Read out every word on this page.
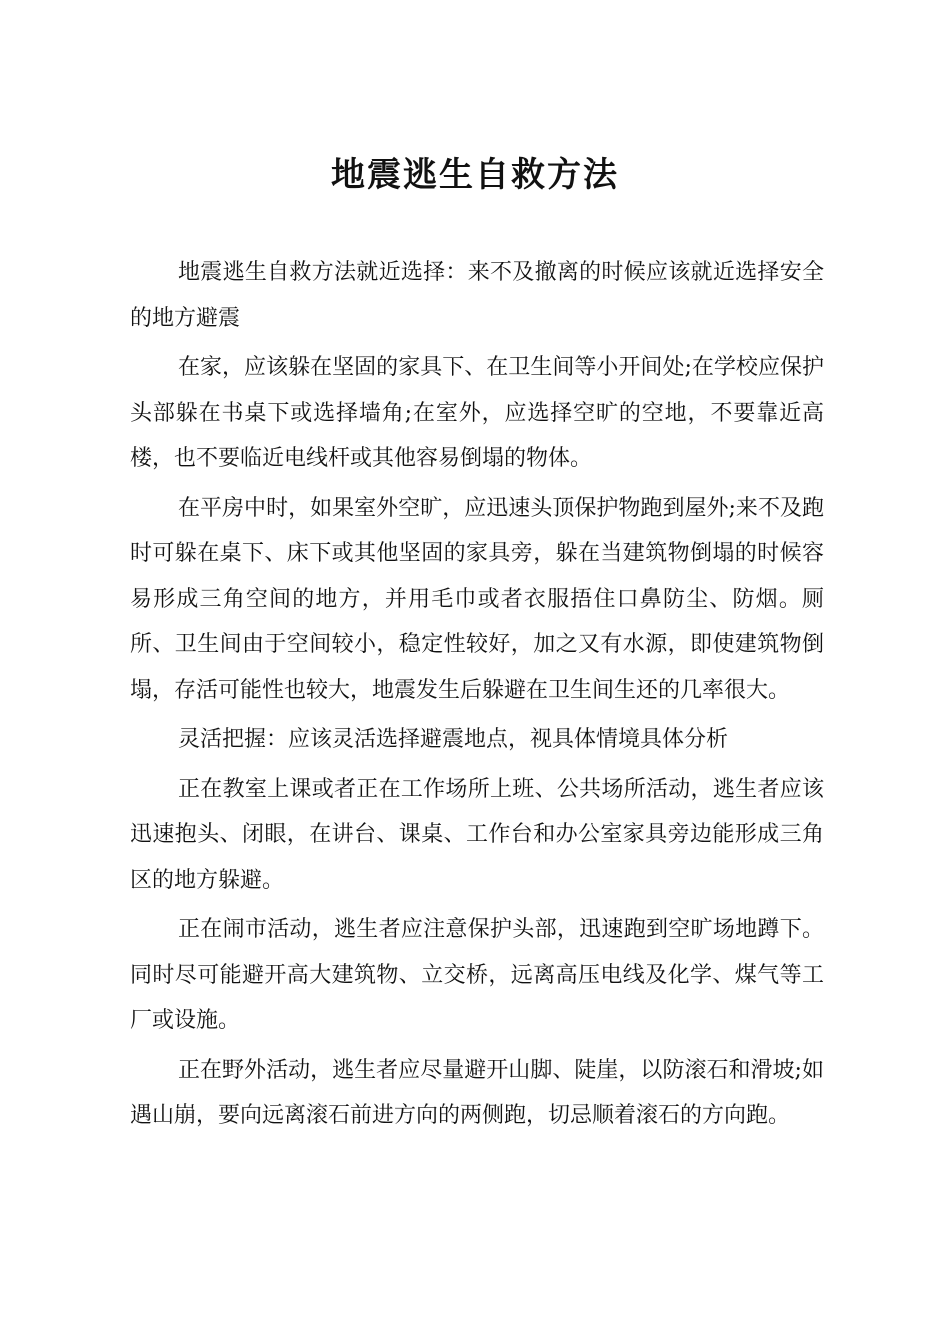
地震逃生自救方法

地震逃生自救方法就近选择：来不及撤离的时候应该就近选择安全的地方避震

在家，应该躲在坚固的家具下、在卫生间等小开间处;在学校应保护头部躲在书桌下或选择墙角;在室外，应选择空旷的空地，不要靠近高楼，也不要临近电线杆或其他容易倒塌的物体。

在平房中时，如果室外空旷，应迅速头顶保护物跑到屋外;来不及跑时可躲在桌下、床下或其他坚固的家具旁，躲在当建筑物倒塌的时候容易形成三角空间的地方，并用毛巾或者衣服捂住口鼻防尘、防烟。厕所、卫生间由于空间较小，稳定性较好，加之又有水源，即使建筑物倒塌，存活可能性也较大，地震发生后躲避在卫生间生还的几率很大。

灵活把握：应该灵活选择避震地点，视具体情境具体分析

正在教室上课或者正在工作场所上班、公共场所活动，逃生者应该迅速抱头、闭眼，在讲台、课桌、工作台和办公室家具旁边能形成三角区的地方躲避。

正在闹市活动，逃生者应注意保护头部，迅速跑到空旷场地蹲下。同时尽可能避开高大建筑物、立交桥，远离高压电线及化学、煤气等工厂或设施。

正在野外活动，逃生者应尽量避开山脚、陡崖，以防滚石和滑坡;如遇山崩，要向远离滚石前进方向的两侧跑，切忌顺着滚石的方向跑。
